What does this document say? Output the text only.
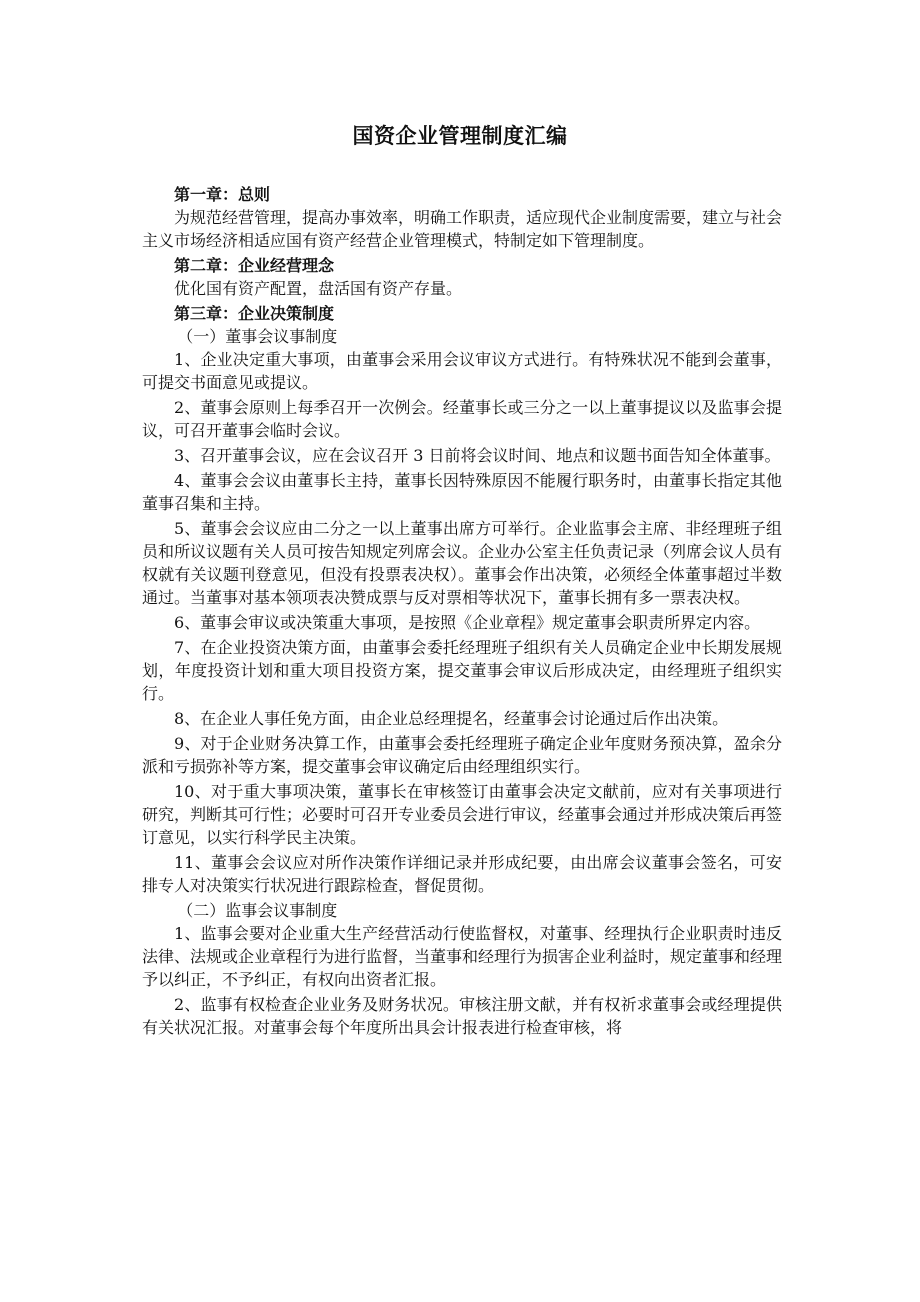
国资企业管理制度汇编

第一章：总则

为规范经营管理，提高办事效率，明确工作职责，适应现代企业制度需要，建立与社会主义市场经济相适应国有资产经营企业管理模式，特制定如下管理制度。

第二章：企业经营理念

优化国有资产配置，盘活国有资产存量。

第三章：企业决策制度

（一）董事会议事制度

1、企业决定重大事项，由董事会采用会议审议方式进行。有特殊状况不能到会董事，可提交书面意见或提议。

2、董事会原则上每季召开一次例会。经董事长或三分之一以上董事提议以及监事会提议，可召开董事会临时会议。

3、召开董事会议，应在会议召开 3 日前将会议时间、地点和议题书面告知全体董事。

4、董事会会议由董事长主持，董事长因特殊原因不能履行职务时，由董事长指定其他董事召集和主持。

5、董事会会议应由二分之一以上董事出席方可举行。企业监事会主席、非经理班子组员和所议议题有关人员可按告知规定列席会议。企业办公室主任负责记录（列席会议人员有权就有关议题刊登意见，但没有投票表决权）。董事会作出决策，必须经全体董事超过半数通过。当董事对基本领项表决赞成票与反对票相等状况下，董事长拥有多一票表决权。

6、董事会审议或决策重大事项，是按照《企业章程》规定董事会职责所界定内容。

7、在企业投资决策方面，由董事会委托经理班子组织有关人员确定企业中长期发展规划，年度投资计划和重大项目投资方案，提交董事会审议后形成决定，由经理班子组织实行。

8、在企业人事任免方面，由企业总经理提名，经董事会讨论通过后作出决策。

9、对于企业财务决算工作，由董事会委托经理班子确定企业年度财务预决算，盈余分派和亏损弥补等方案，提交董事会审议确定后由经理组织实行。

10、对于重大事项决策，董事长在审核签订由董事会决定文献前，应对有关事项进行研究，判断其可行性；必要时可召开专业委员会进行审议，经董事会通过并形成决策后再签订意见，以实行科学民主决策。

11、董事会会议应对所作决策作详细记录并形成纪要，由出席会议董事会签名，可安排专人对决策实行状况进行跟踪检查，督促贯彻。

（二）监事会议事制度

1、监事会要对企业重大生产经营活动行使监督权，对董事、经理执行企业职责时违反法律、法规或企业章程行为进行监督，当董事和经理行为损害企业利益时，规定董事和经理予以纠正，不予纠正，有权向出资者汇报。

2、监事有权检查企业业务及财务状况。审核注册文献，并有权祈求董事会或经理提供有关状况汇报。对董事会每个年度所出具会计报表进行检查审核，将
